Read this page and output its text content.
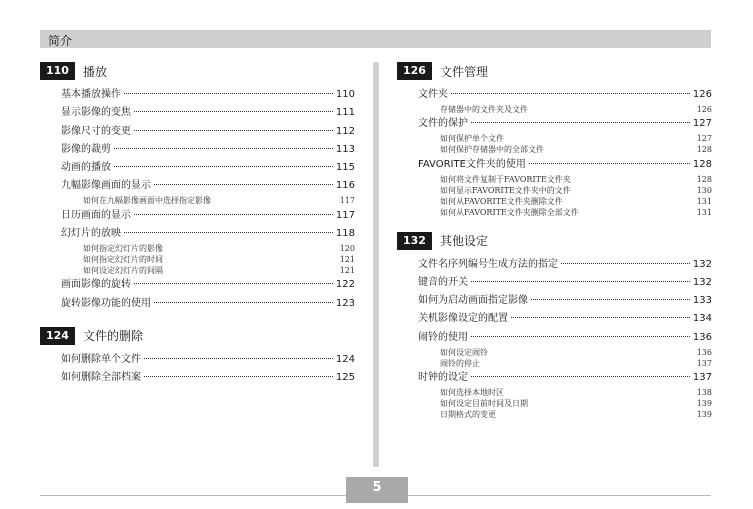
简介
110	播放
基本播放操作	110
显示影像的变焦	111
影像尺寸的变更	112
影像的裁剪	113
动画的播放	115
九幅影像画面的显示	116
如何在九幅影像画面中选择指定影像	117
日历画面的显示	117
幻灯片的放映	118
如何指定幻灯片的影像	120
如何指定幻灯片的时间	121
如何设定幻灯片的间隔	121
画面影像的旋转	122
旋转影像功能的使用	123
124	文件的删除
如何删除单个文件	124
如何删除全部档案	125
126	文件管理
文件夹	126
存储器中的文件夹及文件	126
文件的保护	127
如何保护单个文件	127
如何保护存储器中的全部文件	128
FAVORITE文件夹的使用	128
如何将文件复制于FAVORITE文件夹	128
如何显示FAVORITE文件夹中的文件	130
如何从FAVORITE文件夹删除文件	131
如何从FAVORITE文件夹删除全部文件	131
132	其他设定
文件名序列编号生成方法的指定	132
键音的开关	132
如何为启动画面指定影像	133
关机影像设定的配置	134
闹铃的使用	136
如何设定闹铃	136
闹铃的停止	137
时钟的设定	137
如何选择本地时区	138
如何设定目前时间及日期	139
日期格式的变更	139
5
